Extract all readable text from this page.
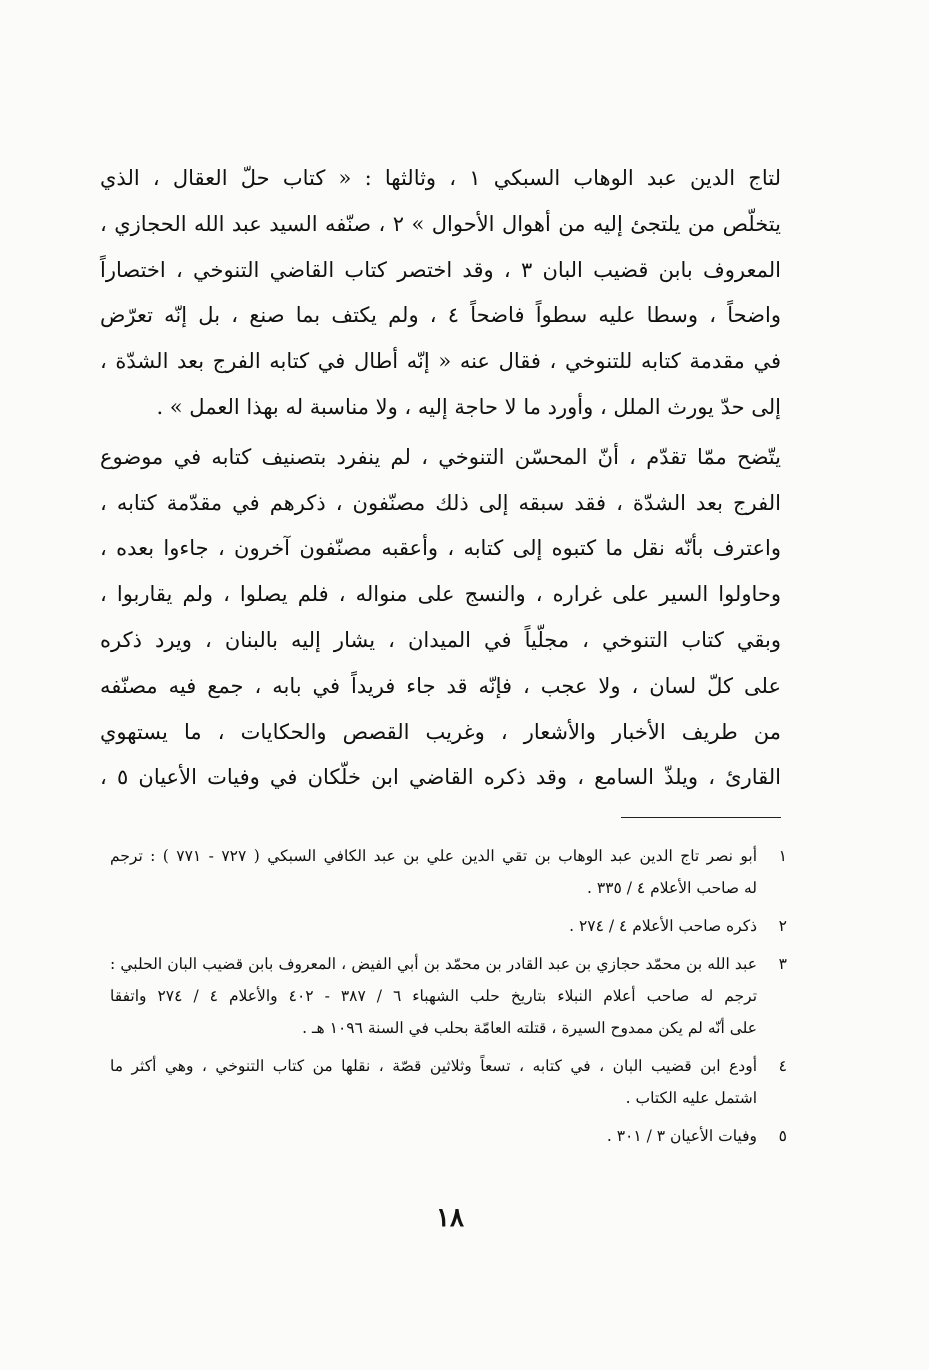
لتاج الدين عبد الوهاب السبكي ١ ، وثالثها : « كتاب حلّ العقال ، الذي
يتخلّص من يلتجئ إليه من أهوال الأحوال » ٢ ، صنّفه السيد عبد الله الحجازي ،
المعروف بابن قضيب البان ٣ ، وقد اختصر كتاب القاضي التنوخي ، اختصاراً
واضحاً ، وسطا عليه سطواً فاضحاً ٤ ، ولم يكتف بما صنع ، بل إنّه تعرّض
في مقدمة كتابه للتنوخي ، فقال عنه « إنّه أطال في كتابه الفرج بعد الشدّة ،
إلى حدّ يورث الملل ، وأورد ما لا حاجة إليه ، ولا مناسبة له بهذا العمل » .

يتّضح ممّا تقدّم ، أنّ المحسّن التنوخي ، لم ينفرد بتصنيف كتابه في موضوع
الفرج بعد الشدّة ، فقد سبقه إلى ذلك مصنّفون ، ذكرهم في مقدّمة كتابه ،
واعترف بأنّه نقل ما كتبوه إلى كتابه ، وأعقبه مصنّفون آخرون ، جاءوا بعده ،
وحاولوا السير على غراره ، والنسج على منواله ، فلم يصلوا ، ولم يقاربوا ،
وبقي كتاب التنوخي ، مجلّياً في الميدان ، يشار إليه بالبنان ، ويرد ذكره
على كلّ لسان ، ولا عجب ، فإنّه قد جاء فريداً في بابه ، جمع فيه مصنّفه
من طريف الأخبار والأشعار ، وغريب القصص والحكايات ، ما يستهوي
القارئ ، ويلذّ السامع ، وقد ذكره القاضي ابن خلّكان في وفيات الأعيان ٥ ،

١
أبو نصر تاج الدين عبد الوهاب بن تقي الدين علي بن عبد الكافي السبكي ( ٧٢٧ - ٧٧١ ) : ترجم
له صاحب الأعلام ٤ / ٣٣٥ .
٢
ذكره صاحب الأعلام ٤ / ٢٧٤ .
٣
عبد الله بن محمّد حجازي بن عبد القادر بن محمّد بن أبي الفيض ، المعروف بابن قضيب البان الحلبي :
ترجم له صاحب أعلام النبلاء بتاريخ حلب الشهباء ٦ / ٣٨٧ - ٤٠٢ والأعلام ٤ / ٢٧٤ واتفقا
على أنّه لم يكن ممدوح السيرة ، قتلته العامّة بحلب في السنة ١٠٩٦ هـ .
٤
أودع ابن قضيب البان ، في كتابه ، تسعاً وثلاثين قصّة ، نقلها من كتاب التنوخي ، وهي أكثر ما
اشتمل عليه الكتاب .
٥
وفيات الأعيان ٣ / ٣٠١ .
١٨
